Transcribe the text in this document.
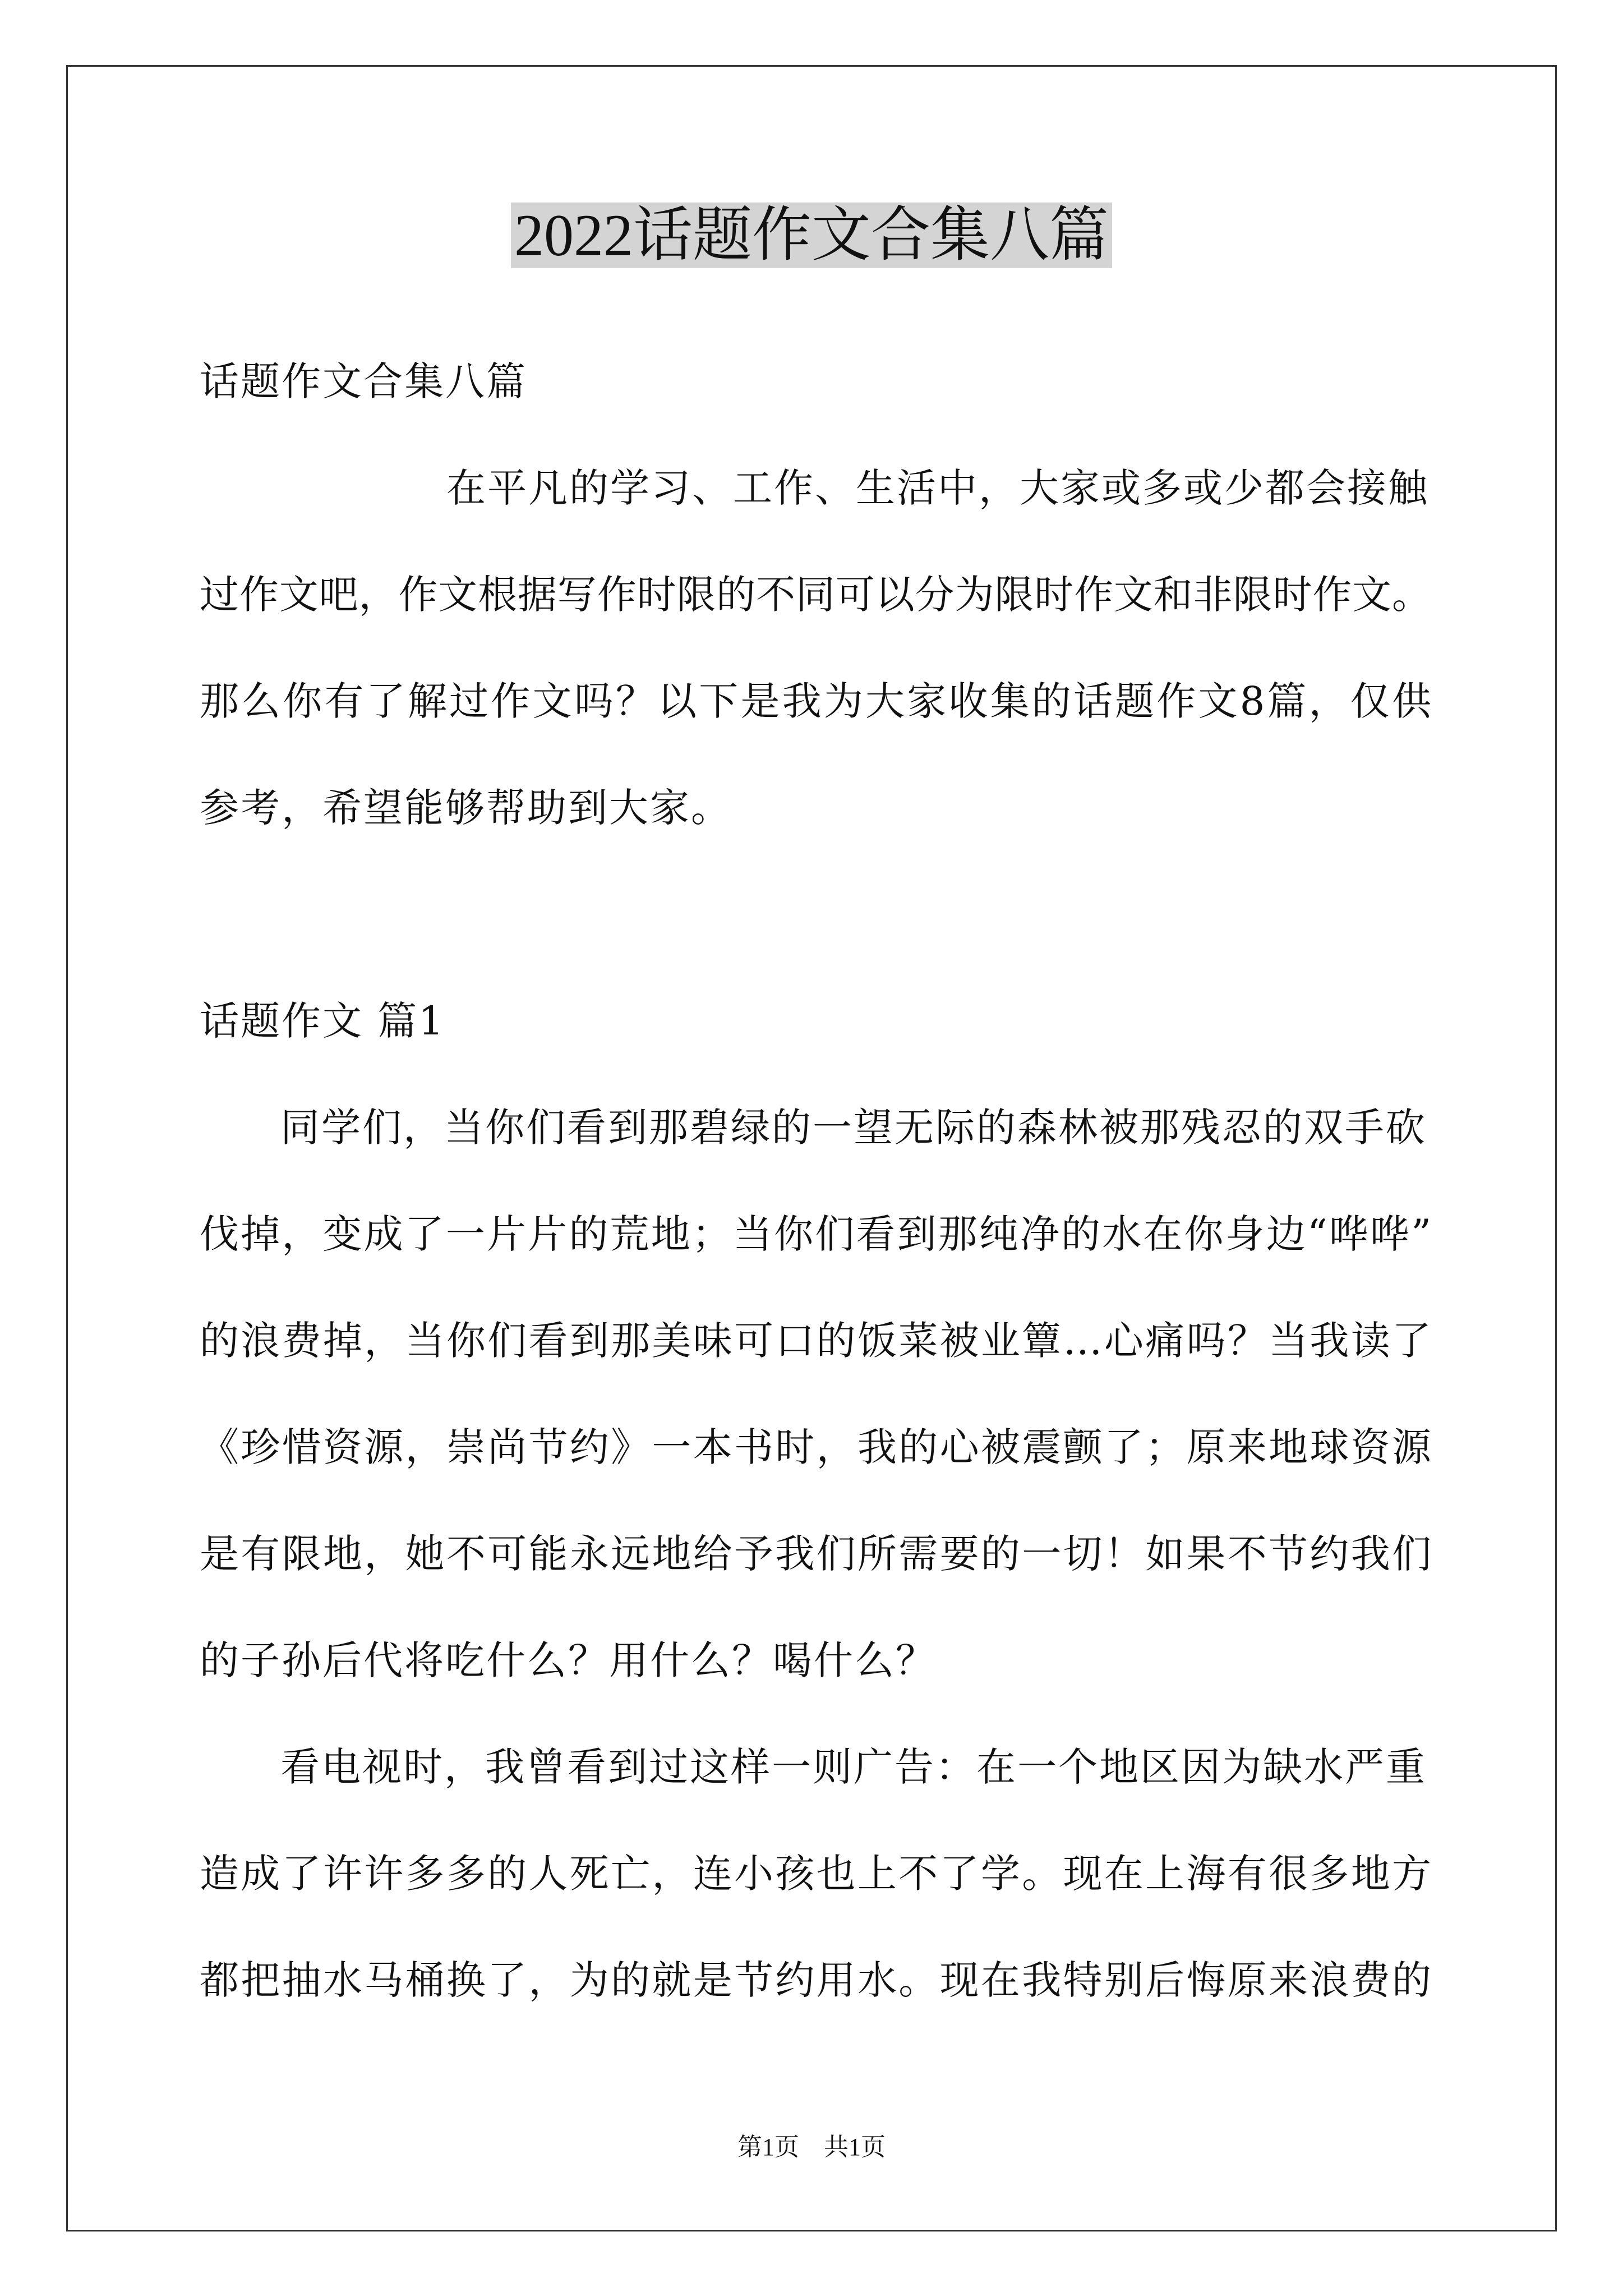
2022话题作文合集八篇
话题作文合集八篇
在平凡的学习、工作、生活中，大家或多或少都会接触
过作文吧，作文根据写作时限的不同可以分为限时作文和非限时作文。
那么你有了解过作文吗？以下是我为大家收集的话题作文8篇，仅供
参考，希望能够帮助到大家。
话题作文 篇1
同学们，当你们看到那碧绿的一望无际的森林被那残忍的双手砍
伐掉，变成了一片片的荒地；当你们看到那纯净的水在你身边“哗哗”
的浪费掉，当你们看到那美味可口的饭菜被业簟…心痛吗？当我读了
《珍惜资源，崇尚节约》一本书时，我的心被震颤了；原来地球资源
是有限地，她不可能永远地给予我们所需要的一切！如果不节约我们
的子孙后代将吃什么？用什么？喝什么？
看电视时，我曾看到过这样一则广告：在一个地区因为缺水严重
造成了许许多多的人死亡，连小孩也上不了学。现在上海有很多地方
都把抽水马桶换了，为的就是节约用水。现在我特别后悔原来浪费的
第1页 共1页
